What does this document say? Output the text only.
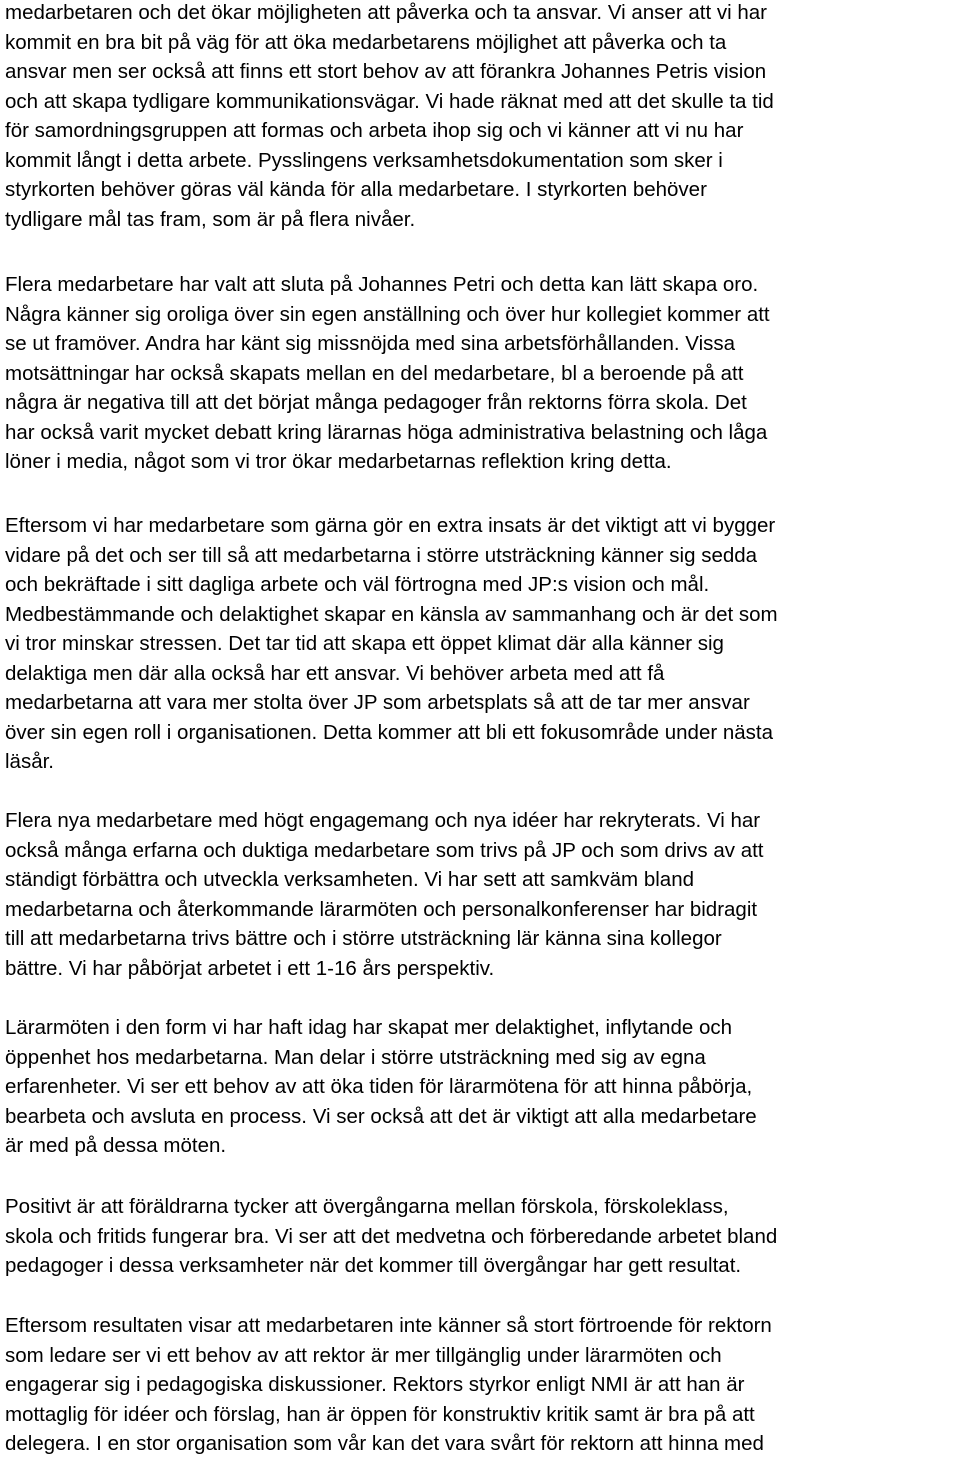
medarbetaren och det ökar möjligheten att påverka och ta ansvar. Vi anser att vi har
kommit en bra bit på väg för att öka medarbetarens möjlighet att påverka och ta
ansvar men ser också att finns ett stort behov av att förankra Johannes Petris vision
och att skapa tydligare kommunikationsvägar. Vi hade räknat med att det skulle ta tid
för samordningsgruppen att formas och arbeta ihop sig och vi känner att vi nu har
kommit långt i detta arbete. Pysslingens verksamhetsdokumentation som sker i
styrkorten behöver göras väl kända för alla medarbetare. I styrkorten behöver
tydligare mål tas fram, som är på flera nivåer.

Flera medarbetare har valt att sluta på Johannes Petri och detta kan lätt skapa oro.
Några känner sig oroliga över sin egen anställning och över hur kollegiet kommer att
se ut framöver. Andra har känt sig missnöjda med sina arbetsförhållanden. Vissa
motsättningar har också skapats mellan en del medarbetare, bl a beroende på att
några är negativa till att det börjat många pedagoger från rektorns förra skola. Det
har också varit mycket debatt kring lärarnas höga administrativa belastning och låga
löner i media, något som vi tror ökar medarbetarnas reflektion kring detta.

Eftersom vi har medarbetare som gärna gör en extra insats är det viktigt att vi bygger
vidare på det och ser till så att medarbetarna i större utsträckning känner sig sedda
och bekräftade i sitt dagliga arbete och väl förtrogna med JP:s vision och mål.
Medbestämmande och delaktighet skapar en känsla av sammanhang och är det som
vi tror minskar stressen. Det tar tid att skapa ett öppet klimat där alla känner sig
delaktiga men där alla också har ett ansvar. Vi behöver arbeta med att få
medarbetarna att vara mer stolta över JP som arbetsplats så att de tar mer ansvar
över sin egen roll i organisationen. Detta kommer att bli ett fokusområde under nästa
läsår.

Flera nya medarbetare med högt engagemang och nya idéer har rekryterats. Vi har
också många erfarna och duktiga medarbetare som trivs på JP och som drivs av att
ständigt förbättra och utveckla verksamheten. Vi har sett att samkväm bland
medarbetarna och återkommande lärarmöten och personalkonferenser har bidragit
till att medarbetarna trivs bättre och i större utsträckning lär känna sina kollegor
bättre. Vi har påbörjat arbetet i ett 1-16 års perspektiv.

Lärarmöten i den form vi har haft idag har skapat mer delaktighet, inflytande och
öppenhet hos medarbetarna. Man delar i större utsträckning med sig av egna
erfarenheter. Vi ser ett behov av att öka tiden för lärarmötena för att hinna påbörja,
bearbeta och avsluta en process. Vi ser också att det är viktigt att alla medarbetare
är med på dessa möten.

Positivt är att föräldrarna tycker att övergångarna mellan förskola, förskoleklass,
skola och fritids fungerar bra. Vi ser att det medvetna och förberedande arbetet bland
pedagoger i dessa verksamheter när det kommer till övergångar har gett resultat.

Eftersom resultaten visar att medarbetaren inte känner så stort förtroende för rektorn
som ledare ser vi ett behov av att rektor är mer tillgänglig under lärarmöten och
engagerar sig i pedagogiska diskussioner. Rektors styrkor enligt NMI är att han är
mottaglig för idéer och förslag, han är öppen för konstruktiv kritik samt är bra på att
delegera. I en stor organisation som vår kan det vara svårt för rektorn att hinna med
